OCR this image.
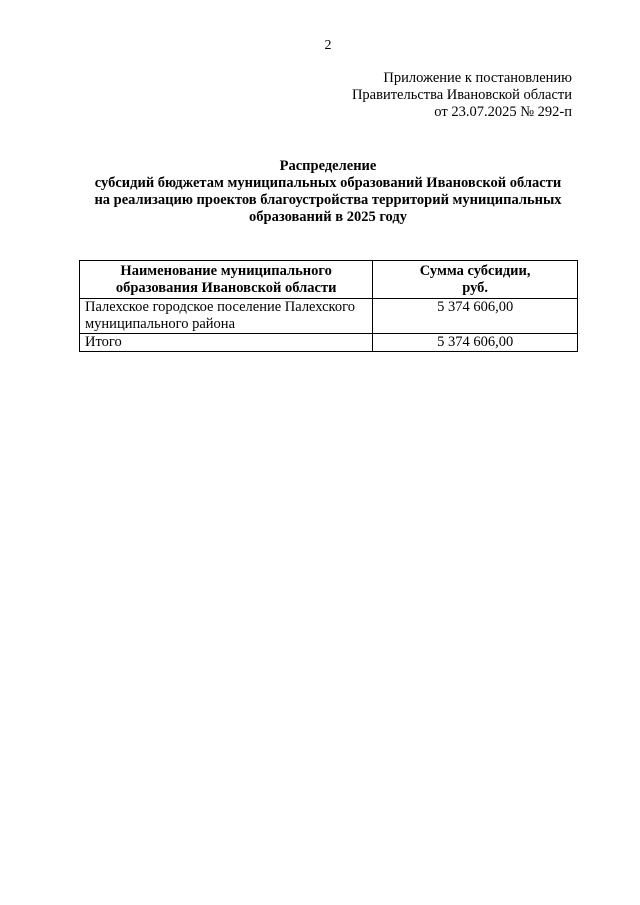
2
Приложение к постановлению
Правительства Ивановской области
от 23.07.2025 № 292-п
Распределение
субсидий бюджетам муниципальных образований Ивановской области
на реализацию проектов благоустройства территорий муниципальных
образований в 2025 году
Наименование муниципального
образования Ивановской области	Сумма субсидии,
руб.

Палехское городское поселение Палехского
муниципального района	5 374 606,00
Итого	5 374 606,00
